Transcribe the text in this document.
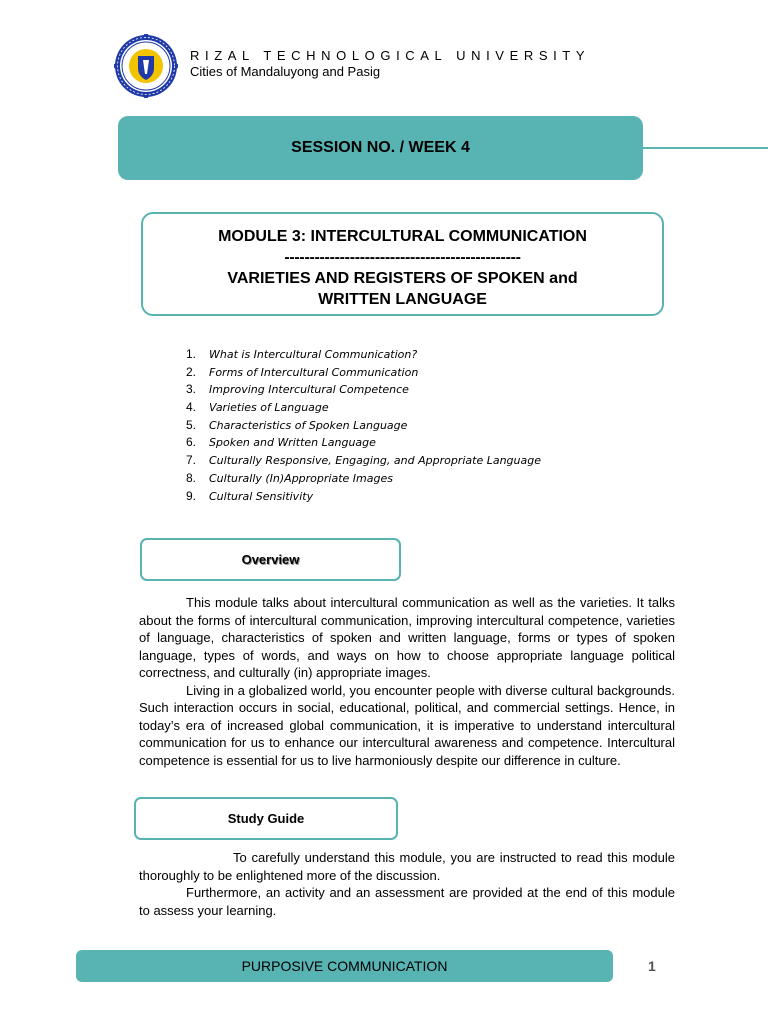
RIZAL TECHNOLOGICAL UNIVERSITY
Cities of Mandaluyong and Pasig
SESSION NO. / WEEK 4
MODULE 3: INTERCULTURAL COMMUNICATION
-----------------------------------------------
VARIETIES AND REGISTERS OF SPOKEN and
WRITTEN LANGUAGE
1. What is Intercultural Communication?
2. Forms of Intercultural Communication
3. Improving Intercultural Competence
4. Varieties of Language
5. Characteristics of Spoken Language
6. Spoken and Written Language
7. Culturally Responsive, Engaging, and Appropriate Language
8. Culturally (In)Appropriate Images
9. Cultural Sensitivity
Overview

This module talks about intercultural communication as well as the varieties. It talks about the forms of intercultural communication, improving intercultural competence, varieties of language, characteristics of spoken and written language, forms or types of spoken language, types of words, and ways on how to choose appropriate language political correctness, and culturally (in) appropriate images.

Living in a globalized world, you encounter people with diverse cultural backgrounds. Such interaction occurs in social, educational, political, and commercial settings. Hence, in today’s era of increased global communication, it is imperative to understand intercultural communication for us to enhance our intercultural awareness and competence. Intercultural competence is essential for us to live harmoniously despite our difference in culture.

Study Guide

To carefully understand this module, you are instructed to read this module thoroughly to be enlightened more of the discussion.

Furthermore, an activity and an assessment are provided at the end of this module to assess your learning.

PURPOSIVE COMMUNICATION	1
